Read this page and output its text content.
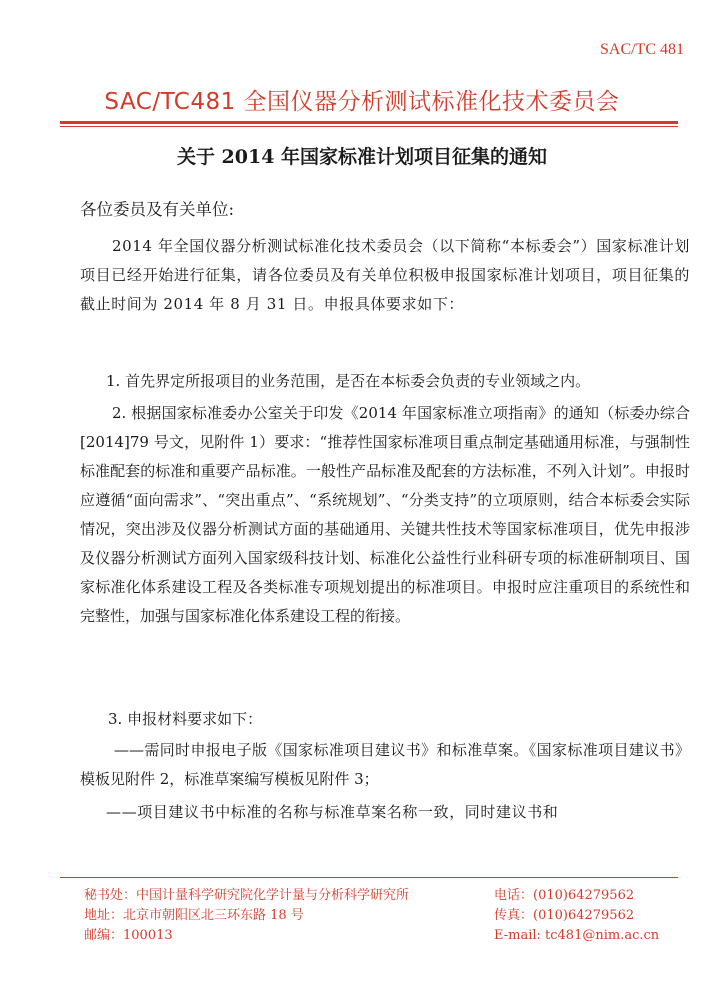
SAC/TC 481
SAC/TC481 全国仪器分析测试标准化技术委员会
关于 2014 年国家标准计划项目征集的通知
各位委员及有关单位:

2014 年全国仪器分析测试标准化技术委员会（以下简称“本标委会”）国家标准计划项目已经开始进行征集，请各位委员及有关单位积极申报国家标准计划项目，项目征集的截止时间为 2014 年 8 月 31 日。申报具体要求如下：

1. 首先界定所报项目的业务范围，是否在本标委会负责的专业领域之内。

2. 根据国家标准委办公室关于印发《2014 年国家标准立项指南》的通知（标委办综合[2014]79 号文，见附件 1）要求：“推荐性国家标准项目重点制定基础通用标准，与强制性标准配套的标准和重要产品标准。一般性产品标准及配套的方法标准，不列入计划”。申报时应遵循“面向需求”、“突出重点”、“系统规划”、“分类支持”的立项原则，结合本标委会实际情况，突出涉及仪器分析测试方面的基础通用、关键共性技术等国家标准项目，优先申报涉及仪器分析测试方面列入国家级科技计划、标准化公益性行业科研专项的标准研制项目、国家标准化体系建设工程及各类标准专项规划提出的标准项目。申报时应注重项目的系统性和完整性，加强与国家标准化体系建设工程的衔接。

3. 申报材料要求如下：

——需同时申报电子版《国家标准项目建议书》和标准草案。《国家标准项目建议书》模板见附件 2，标准草案编写模板见附件 3；

——项目建议书中标准的名称与标准草案名称一致，同时建议书和

秘书处：中国计量科学研究院化学计量与分析科学研究所
地址：北京市朝阳区北三环东路 18 号
邮编：100013
电话：(010)64279562
传真：(010)64279562
E-mail: tc481@nim.ac.cn
